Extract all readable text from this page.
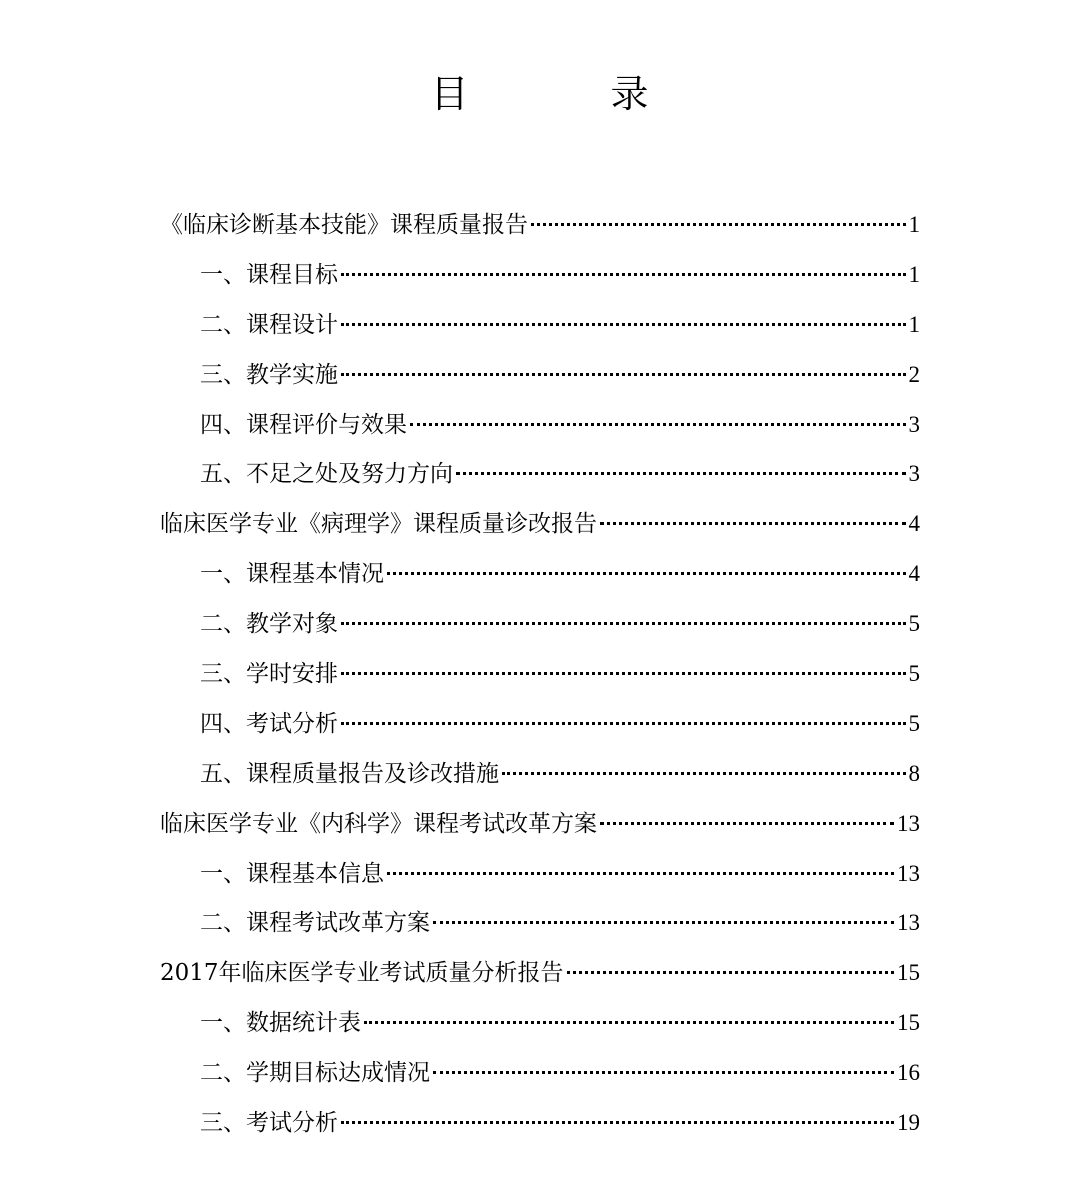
目　录
《临床诊断基本技能》课程质量报告	1
一、课程目标	1
二、课程设计	1
三、教学实施	2
四、课程评价与效果	3
五、不足之处及努力方向	3
临床医学专业《病理学》课程质量诊改报告	4
一、课程基本情况	4
二、教学对象	5
三、学时安排	5
四、考试分析	5
五、课程质量报告及诊改措施	8
临床医学专业《内科学》课程考试改革方案	13
一、课程基本信息	13
二、课程考试改革方案	13
2017年临床医学专业考试质量分析报告	15
一、数据统计表	15
二、学期目标达成情况	16
三、考试分析	19
